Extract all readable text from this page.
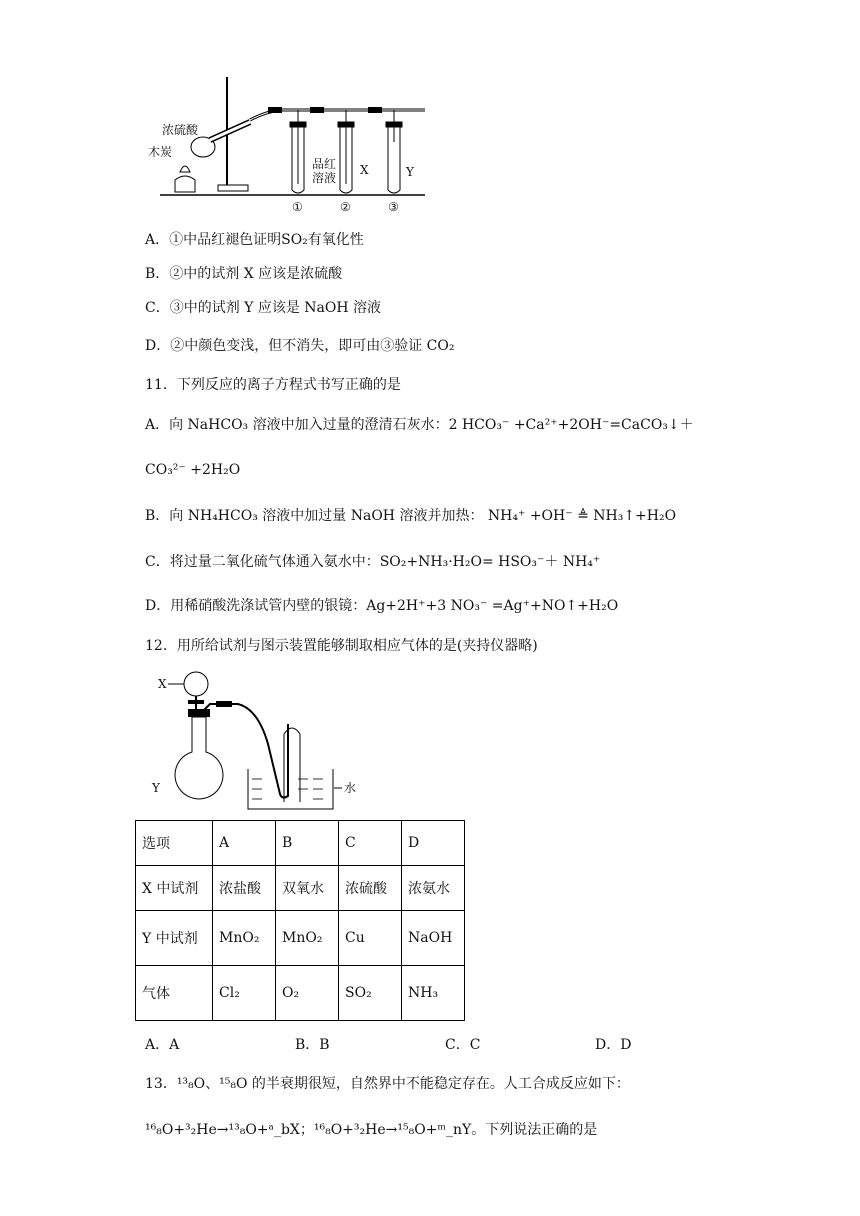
浓硫酸
木炭
品红
溶液
X	Y
①	②	③
A．①中品红褪色证明SO₂有氧化性
B．②中的试剂 X 应该是浓硫酸
C．③中的试剂 Y 应该是 NaOH 溶液
D．②中颜色变浅，但不消失，即可由③验证 CO₂
11．下列反应的离子方程式书写正确的是
A．向 NaHCO₃ 溶液中加入过量的澄清石灰水：2 HCO₃⁻ +Ca²⁺+2OH⁻=CaCO₃↓＋
CO₃²⁻ +2H₂O
B．向 NH₄HCO₃ 溶液中加过量 NaOH 溶液并加热： NH₄⁺ +OH⁻ ≜ NH₃↑+H₂O
C．将过量二氧化硫气体通入氨水中：SO₂+NH₃·H₂O= HSO₃⁻＋ NH₄⁺
D．用稀硝酸洗涤试管内壁的银镜：Ag+2H⁺+3 NO₃⁻ =Ag⁺+NO↑+H₂O
12．用所给试剂与图示装置能够制取相应气体的是(夹持仪器略)
X
Y	水
选项	A	B	C	D
X 中试剂	浓盐酸	双氧水	浓硫酸	浓氨水
Y 中试剂	MnO₂	MnO₂	Cu	NaOH
气体	Cl₂	O₂	SO₂	NH₃
A．A	B．B	C．C	D．D
13．¹³₈O、¹⁵₈O 的半衰期很短，自然界中不能稳定存在。人工合成反应如下：
¹⁶₈O+³₂He→¹³₈O+ᵃ_bX；¹⁶₈O+³₂He→¹⁵₈O+ᵐ_nY。下列说法正确的是
